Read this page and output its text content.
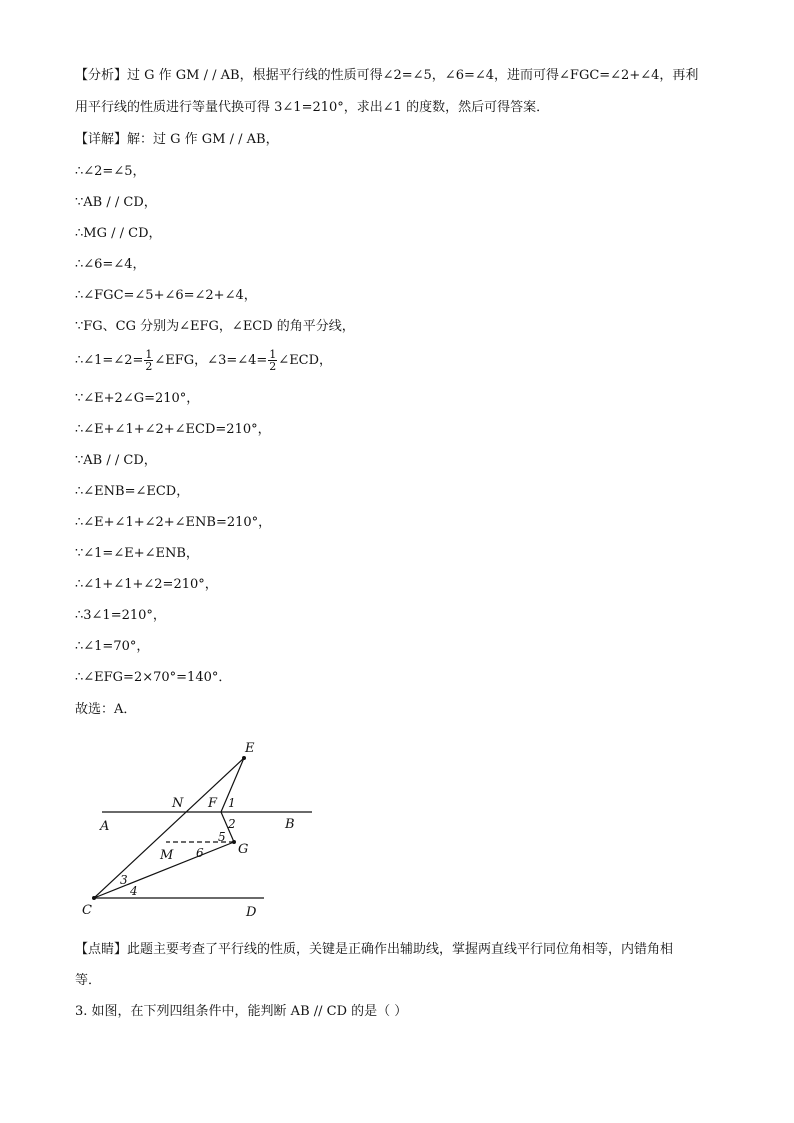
【分析】过 G 作 GM / / AB，根据平行线的性质可得∠2=∠5，∠6=∠4，进而可得∠FGC=∠2+∠4，再利
用平行线的性质进行等量代换可得 3∠1=210°，求出∠1 的度数，然后可得答案．
【详解】解：过 G 作 GM / / AB，
∴∠2=∠5，
∵AB / / CD，
∴MG / / CD，
∴∠6=∠4，
∴∠FGC=∠5+∠6=∠2+∠4，
∵FG、CG 分别为∠EFG，∠ECD 的角平分线，
∴∠1=∠2= $\frac{1}{2}$ ∠EFG，∠3=∠4= $\frac{1}{2}$ ∠ECD，
∵∠E+2∠G=210°，
∴∠E+∠1+∠2+∠ECD=210°，
∵AB / / CD，
∴∠ENB=∠ECD，
∴∠E+∠1+∠2+∠ENB=210°，
∵∠1=∠E+∠ENB，
∴∠1+∠1+∠2=210°，
∴3∠1=210°，
∴∠1=70°，
∴∠EFG=2×70°=140°．
故选：A．
E
N F 1
A	2	B
5
G
M 6
3
4
C	D
【点睛】此题主要考查了平行线的性质，关键是正确作出辅助线，掌握两直线平行同位角相等，内错角相
等．
3. 如图，在下列四组条件中，能判断 AB // CD 的是（ ）
